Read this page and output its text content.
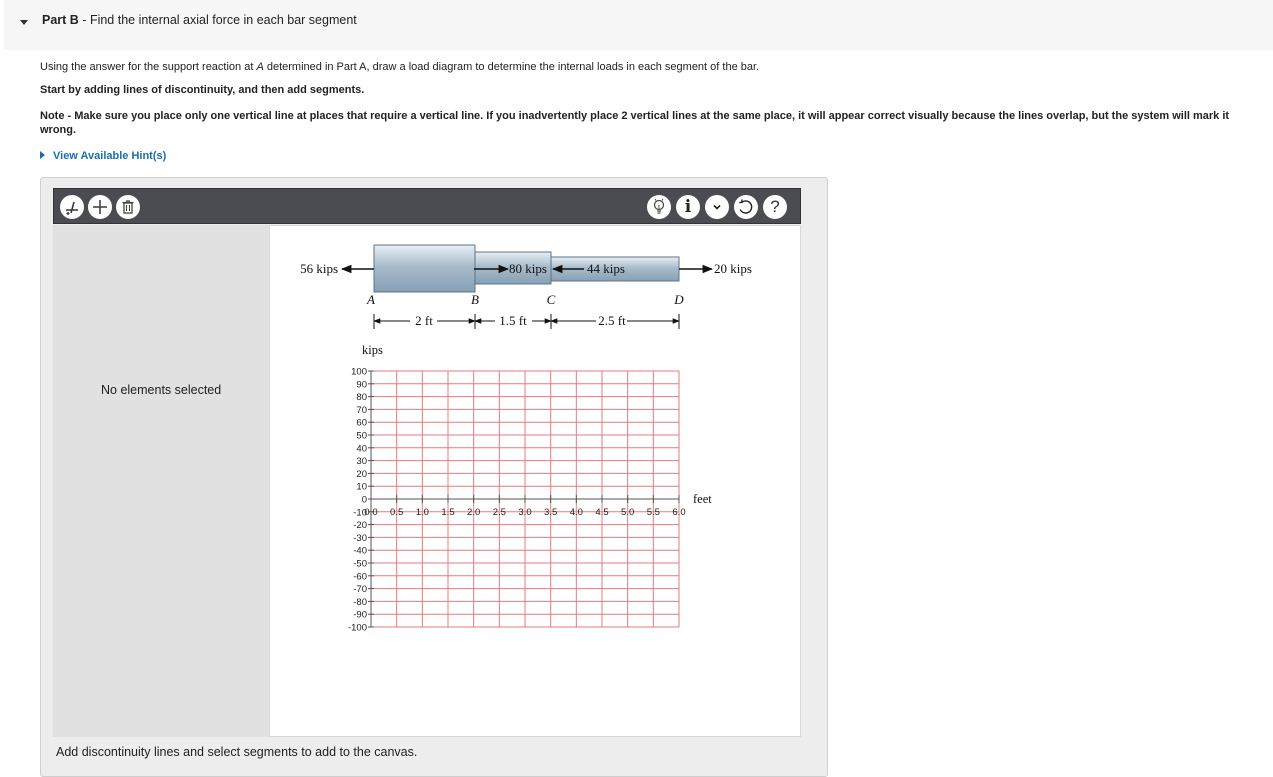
Part B - Find the internal axial force in each bar segment
Using the answer for the support reaction at A determined in Part A, draw a load diagram to determine the internal loads in each segment of the bar.
Start by adding lines of discontinuity, and then add segments.
Note - Make sure you place only one vertical line at places that require a vertical line. If you inadvertently place 2 vertical lines at the same place, it will appear correct visually because the lines overlap, but the system will mark it wrong.
View Available Hint(s)
i	?
No elements selected
56 kips	80 kips	44 kips	20 kips
A	B	C	D
2 ft	1.5 ft	2.5 ft
kips
feet
100
90
80
70
60
50
40
30
20
10
0
-10
-20
-30
-40
-50
-60
-70
-80
-90
-100
0.0 0.5 1.0 1.5 2.0 2.5 3.0 3.5 4.0 4.5 5.0 5.5 6.0
Add discontinuity lines and select segments to add to the canvas.
